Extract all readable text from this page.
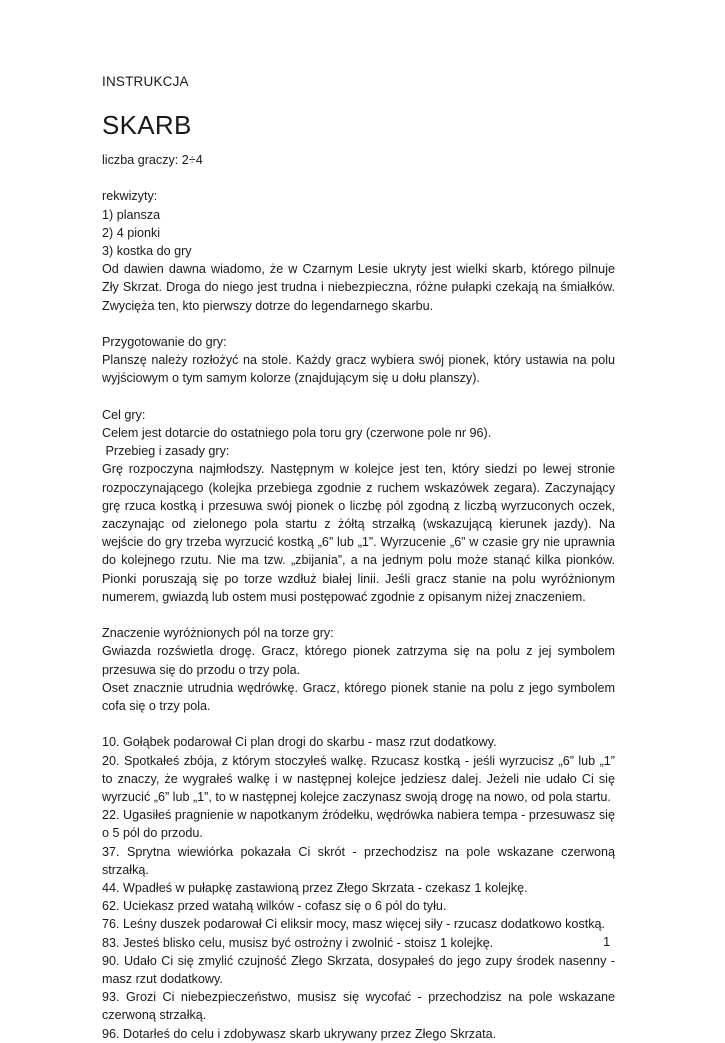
INSTRUKCJA
SKARB

liczba graczy: 2÷4

rekwizyty:

1) plansza

2) 4 pionki

3) kostka do gry

Od dawien dawna wiadomo, że w Czarnym Lesie ukryty jest wielki skarb, którego pilnuje Zły Skrzat. Droga do niego jest trudna i niebezpieczna, różne pułapki czekają na śmiałków. Zwycięża ten, kto pierwszy dotrze do legendarnego skarbu.

Przygotowanie do gry:

Planszę należy rozłożyć na stole. Każdy gracz wybiera swój pionek, który ustawia na polu wyjściowym o tym samym kolorze (znajdującym się u dołu planszy).

Cel gry:

Celem jest dotarcie do ostatniego pola toru gry (czerwone pole nr 96).

Przebieg i zasady gry:

Grę rozpoczyna najmłodszy. Następnym w kolejce jest ten, który siedzi po lewej stronie rozpoczynającego (kolejka przebiega zgodnie z ruchem wskazówek zegara). Zaczynający grę rzuca kostką i przesuwa swój pionek o liczbę pól zgodną z liczbą wyrzuconych oczek, zaczynając od zielonego pola startu z żółtą strzałką (wskazującą kierunek jazdy). Na wejście do gry trzeba wyrzucić kostką „6” lub „1”. Wyrzucenie „6” w czasie gry nie uprawnia do kolejnego rzutu. Nie ma tzw. „zbijania”, a na jednym polu może stanąć kilka pionków. Pionki poruszają się po torze wzdłuż białej linii. Jeśli gracz stanie na polu wyróżnionym numerem, gwiazdą lub ostem musi postępować zgodnie z opisanym niżej znaczeniem.

Znaczenie wyróżnionych pól na torze gry:

Gwiazda rozświetla drogę. Gracz, którego pionek zatrzyma się na polu z jej symbolem przesuwa się do przodu o trzy pola.

Oset znacznie utrudnia wędrówkę. Gracz, którego pionek stanie na polu z jego symbolem cofa się o trzy pola.

10. Gołąbek podarował Ci plan drogi do skarbu - masz rzut dodatkowy.

20. Spotkałeś zbója, z którym stoczyłeś walkę. Rzucasz kostką - jeśli wyrzucisz „6” lub „1” to znaczy, że wygrałeś walkę i w następnej kolejce jedziesz dalej. Jeżeli nie udało Ci się wyrzucić „6” lub „1”, to w następnej kolejce zaczynasz swoją drogę na nowo, od pola startu.

22. Ugasiłeś pragnienie w napotkanym źródełku, wędrówka nabiera tempa - przesuwasz się o 5 pól do przodu.

37. Sprytna wiewiórka pokazała Ci skrót - przechodzisz na pole wskazane czerwoną strzałką.

44. Wpadłeś w pułapkę zastawioną przez Złego Skrzata - czekasz 1 kolejkę.

62. Uciekasz przed watahą wilków - cofasz się o 6 pól do tyłu.

76. Leśny duszek podarował Ci eliksir mocy, masz więcej siły - rzucasz dodatkowo kostką.

83. Jesteś blisko celu, musisz być ostrożny i zwolnić - stoisz 1 kolejkę.

90. Udało Ci się zmylić czujność Złego Skrzata, dosypałeś do jego zupy środek nasenny - masz rzut dodatkowy.

93. Grozi Ci niebezpieczeństwo, musisz się wycofać - przechodzisz na pole wskazane czerwoną strzałką.

96. Dotarłeś do celu i zdobywasz skarb ukrywany przez Złego Skrzata.

1
